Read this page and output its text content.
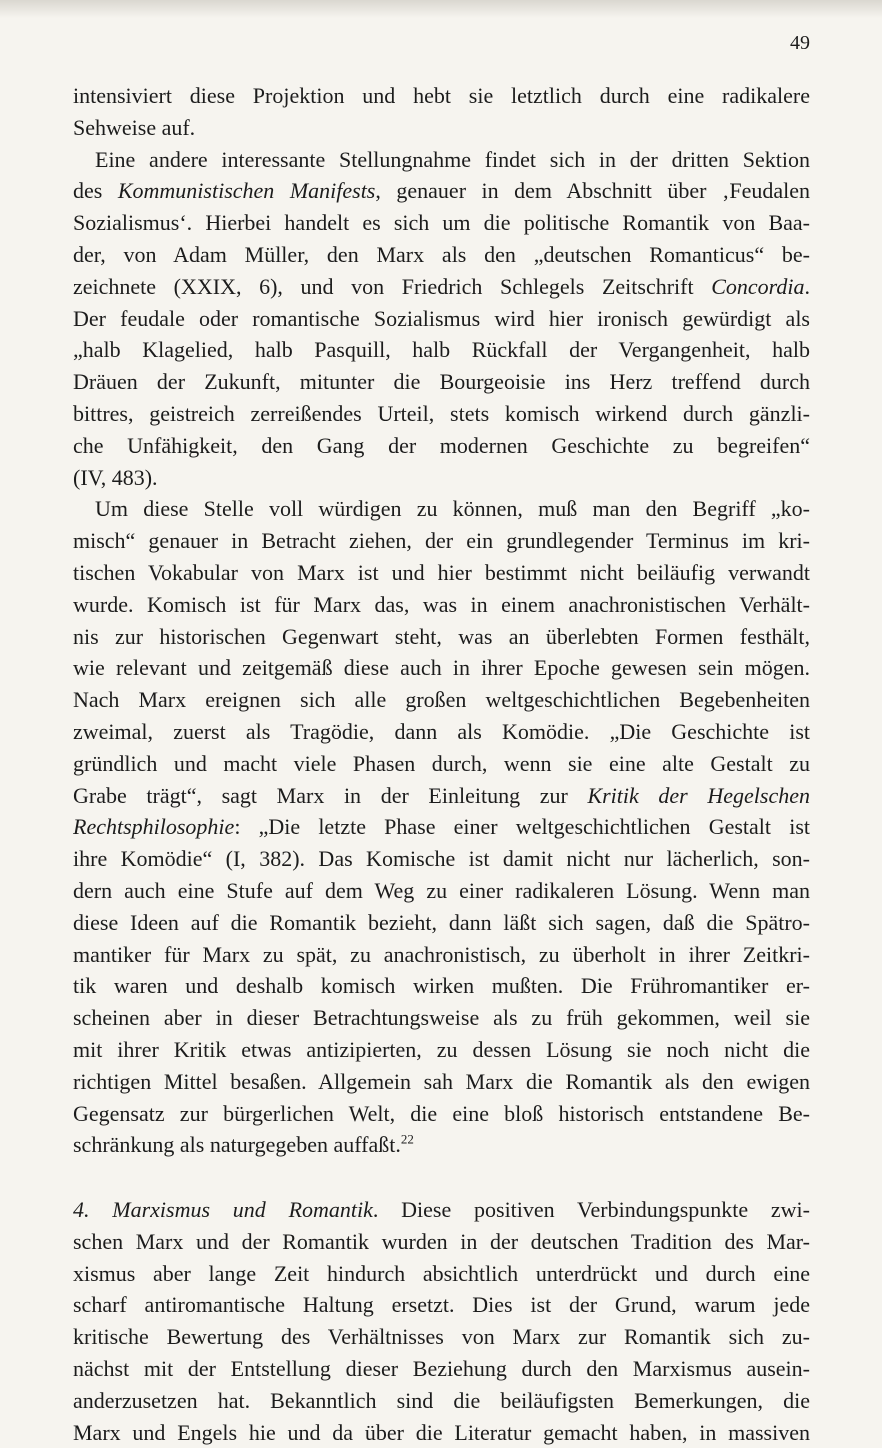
49
intensiviert diese Projektion und hebt sie letztlich durch eine radikalere
Sehweise auf.
Eine andere interessante Stellungnahme findet sich in der dritten Sektion
des Kommunistischen Manifests, genauer in dem Abschnitt über ‚Feudalen
Sozialismus‘. Hierbei handelt es sich um die politische Romantik von Baa-
der, von Adam Müller, den Marx als den „deutschen Romanticus“ be-
zeichnete (XXIX, 6), und von Friedrich Schlegels Zeitschrift Concordia.
Der feudale oder romantische Sozialismus wird hier ironisch gewürdigt als
„halb Klagelied, halb Pasquill, halb Rückfall der Vergangenheit, halb
Dräuen der Zukunft, mitunter die Bourgeoisie ins Herz treffend durch
bittres, geistreich zerreißendes Urteil, stets komisch wirkend durch gänzli-
che Unfähigkeit, den Gang der modernen Geschichte zu begreifen“
(IV, 483).
Um diese Stelle voll würdigen zu können, muß man den Begriff „ko-
misch“ genauer in Betracht ziehen, der ein grundlegender Terminus im kri-
tischen Vokabular von Marx ist und hier bestimmt nicht beiläufig verwandt
wurde. Komisch ist für Marx das, was in einem anachronistischen Verhält-
nis zur historischen Gegenwart steht, was an überlebten Formen festhält,
wie relevant und zeitgemäß diese auch in ihrer Epoche gewesen sein mögen.
Nach Marx ereignen sich alle großen weltgeschichtlichen Begebenheiten
zweimal, zuerst als Tragödie, dann als Komödie. „Die Geschichte ist
gründlich und macht viele Phasen durch, wenn sie eine alte Gestalt zu
Grabe trägt“, sagt Marx in der Einleitung zur Kritik der Hegelschen
Rechtsphilosophie: „Die letzte Phase einer weltgeschichtlichen Gestalt ist
ihre Komödie“ (I, 382). Das Komische ist damit nicht nur lächerlich, son-
dern auch eine Stufe auf dem Weg zu einer radikaleren Lösung. Wenn man
diese Ideen auf die Romantik bezieht, dann läßt sich sagen, daß die Spätro-
mantiker für Marx zu spät, zu anachronistisch, zu überholt in ihrer Zeitkri-
tik waren und deshalb komisch wirken mußten. Die Frühromantiker er-
scheinen aber in dieser Betrachtungsweise als zu früh gekommen, weil sie
mit ihrer Kritik etwas antizipierten, zu dessen Lösung sie noch nicht die
richtigen Mittel besaßen. Allgemein sah Marx die Romantik als den ewigen
Gegensatz zur bürgerlichen Welt, die eine bloß historisch entstandene Be-
schränkung als naturgegeben auffaßt.$^{22}$
4. Marxismus und Romantik. Diese positiven Verbindungspunkte zwi-
schen Marx und der Romantik wurden in der deutschen Tradition des Mar-
xismus aber lange Zeit hindurch absichtlich unterdrückt und durch eine
scharf antiromantische Haltung ersetzt. Dies ist der Grund, warum jede
kritische Bewertung des Verhältnisses von Marx zur Romantik sich zu-
nächst mit der Entstellung dieser Beziehung durch den Marxismus ausein-
anderzusetzen hat. Bekanntlich sind die beiläufigsten Bemerkungen, die
Marx und Engels hie und da über die Literatur gemacht haben, in massiven
